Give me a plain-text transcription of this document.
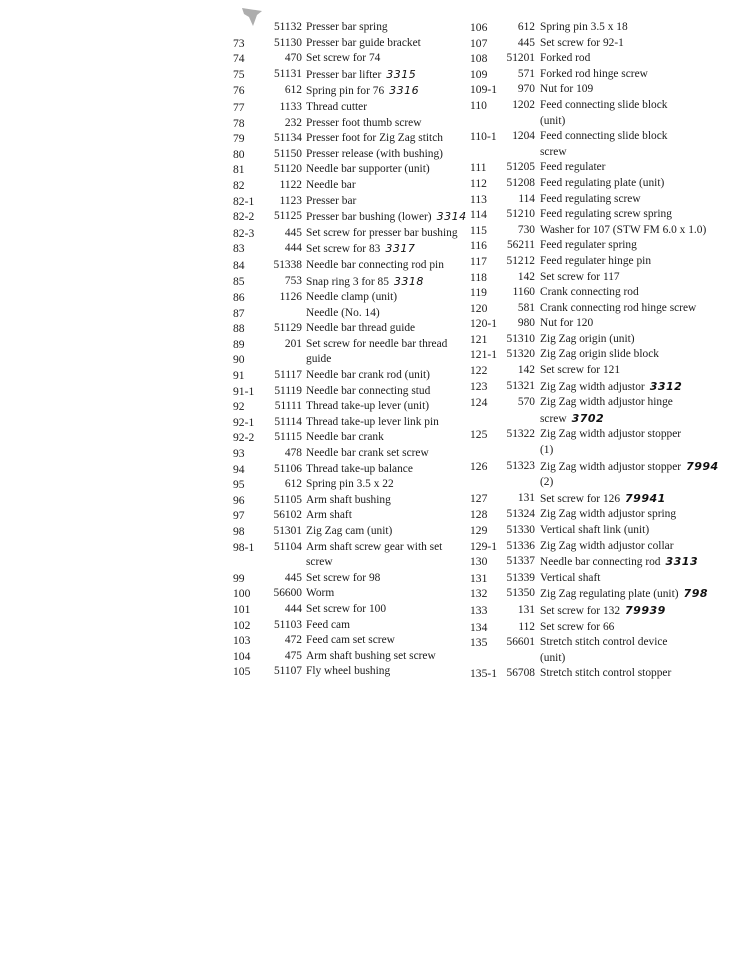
51132 Presser bar spring
73	51130 Presser bar guide bracket
74	470 Set screw for 74
75	51131 Presser bar lifter 3315
76	612 Spring pin for 76 3316
77	1133 Thread cutter
78	232 Presser foot thumb screw
79	51134 Presser foot for Zig Zag stitch
80	51150 Presser release (with bushing)
81	51120 Needle bar supporter (unit)
82	1122 Needle bar
82-1	1123 Presser bar
82-2	51125 Presser bar bushing (lower) 3314
82-3	445 Set screw for presser bar bushing
83	444 Set screw for 83 3317
84	51338 Needle bar connecting rod pin
85	753 Snap ring 3 for 85 3318
86	1126 Needle clamp (unit)
87	Needle (No. 14)
88	51129 Needle bar thread guide
89	201 Set screw for needle bar thread
90	guide
91	51117 Needle bar crank rod (unit)
91-1	51119 Needle bar connecting stud
92	51111 Thread take-up lever (unit)
92-1	51114 Thread take-up lever link pin
92-2	51115 Needle bar crank
93	478 Needle bar crank set screw
94	51106 Thread take-up balance
95	612 Spring pin 3.5 x 22
96	51105 Arm shaft bushing
97	56102 Arm shaft
98	51301 Zig Zag cam (unit)
98-1	51104 Arm shaft screw gear with set
screw
99	445 Set screw for 98
100	56600 Worm
101	444 Set screw for 100
102	51103 Feed cam
103	472 Feed cam set screw
104	475 Arm shaft bushing set screw
105	51107 Fly wheel bushing
106	612 Spring pin 3.5 x 18
107	445 Set screw for 92-1
108	51201 Forked rod
109	571 Forked rod hinge screw
109-1	970 Nut for 109
110	1202 Feed connecting slide block
(unit)
110-1	1204 Feed connecting slide block
screw
111	51205 Feed regulater
112	51208 Feed regulating plate (unit)
113	114 Feed regulating screw
114	51210 Feed regulating screw spring
115	730 Washer for 107 (STW FM 6.0 x 1.0)
116	56211 Feed regulater spring
117	51212 Feed regulater hinge pin
118	142 Set screw for 117
119	1160 Crank connecting rod
120	581 Crank connecting rod hinge screw
120-1	980 Nut for 120
121	51310 Zig Zag origin (unit)
121-1 51320 Zig Zag origin slide block
122	142 Set screw for 121
123	51321 Zig Zag width adjustor 3312
124	570 Zig Zag width adjustor hinge
screw 3702
125	51322 Zig Zag width adjustor stopper
(1)
126	51323 Zig Zag width adjustor stopper 7994
(2)
127	131 Set screw for 126 79941
128	51324 Zig Zag width adjustor spring
129	51330 Vertical shaft link (unit)
129-1 51336 Zig Zag width adjustor collar
130	51337 Needle bar connecting rod 3313
131	51339 Vertical shaft
132	51350 Zig Zag regulating plate (unit) 798
133	131 Set screw for 132 79939
134	112 Set screw for 66
135	56601 Stretch stitch control device
(unit)
135-1 56708 Stretch stitch control stopper
